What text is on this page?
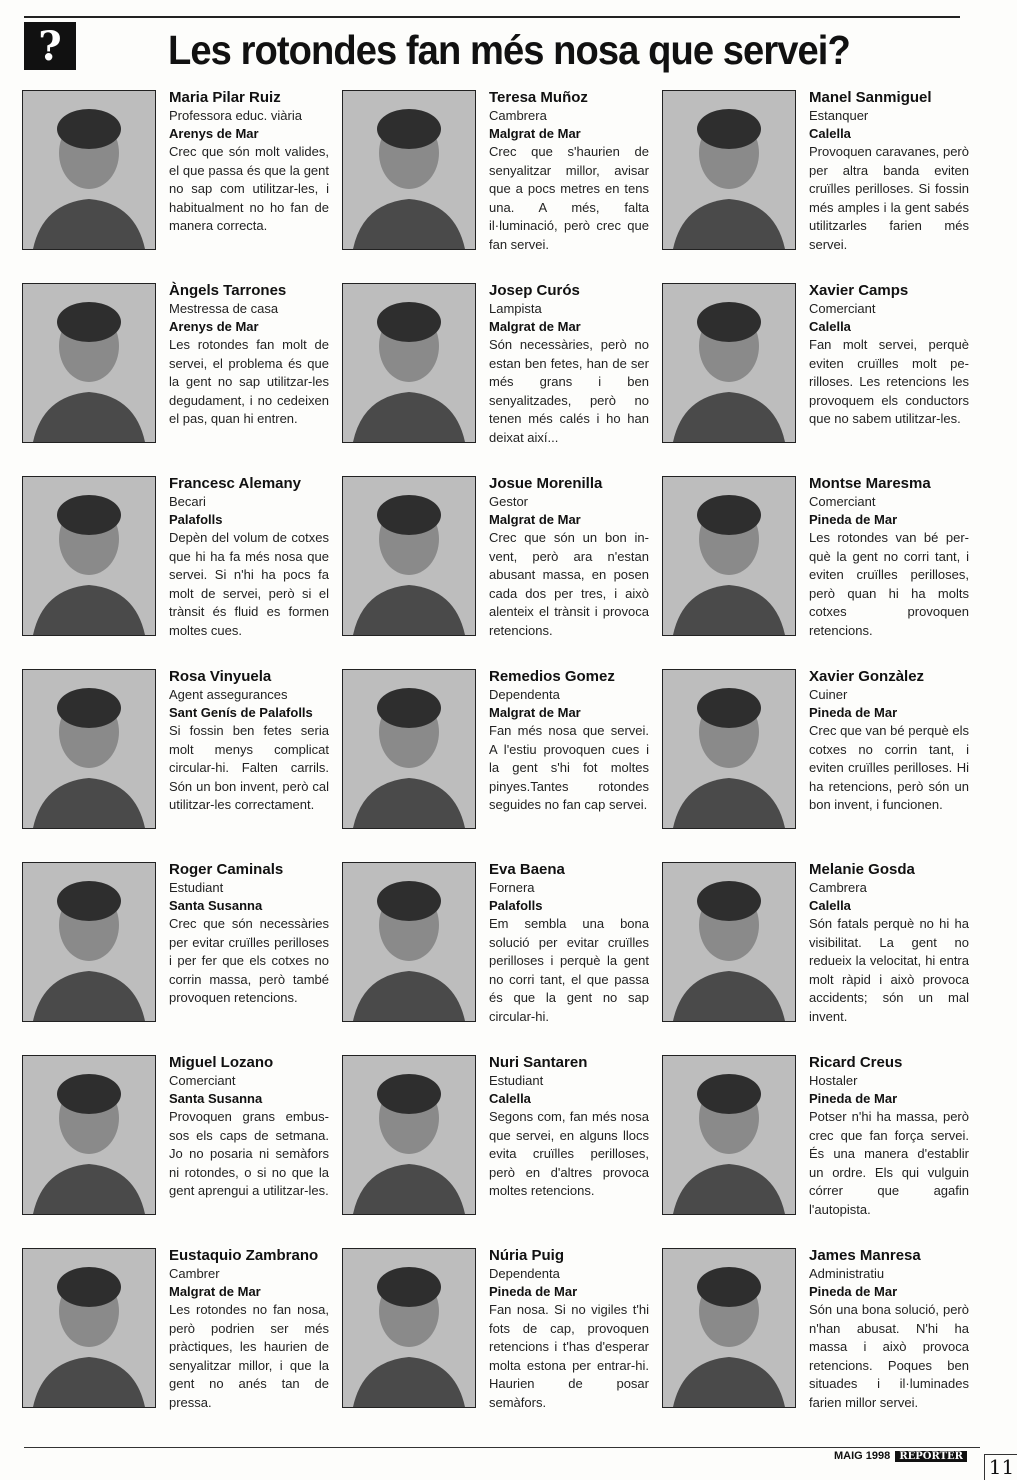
?	Les rotondes fan més nosa que servei?
Maria Pilar Ruiz
Professora educ. viària
Arenys de Mar
Crec que són molt valides, el que passa és que la gent no sap com utilitzar-les, i habitualment no ho fan de manera correcta.
Teresa Muñoz
Cambrera
Malgrat de Mar
Crec que s'haurien de senyalitzar millor, avisar que a pocs metres en tens una. A més, falta il·luminació, però crec que fan servei.
Manel Sanmiguel
Estanquer
Calella
Provoquen caravanes, però per altra banda eviten cruïlles perilloses. Si fossin més amples i la gent sabés utilitzarles farien més servei.
Àngels Tarrones
Mestressa de casa
Arenys de Mar
Les rotondes fan molt de servei, el problema és que la gent no sap utilitzar-les degudament, i no cedeixen el pas, quan hi entren.
Josep Curós
Lampista
Malgrat de Mar
Són necessàries, però no estan ben fetes, han de ser més grans i ben senyalitzades, però no tenen més calés i ho han deixat així...
Xavier Camps
Comerciant
Calella
Fan molt servei, perquè eviten cruïlles molt perilloses. Les retencions les provoquem els conductors que no sabem utilitzar-les.
Francesc Alemany
Becari
Palafolls
Depèn del volum de cotxes que hi ha fa més nosa que servei. Si n'hi ha pocs fa molt de servei, però si el trànsit és fluid es formen moltes cues.
Josue Morenilla
Gestor
Malgrat de Mar
Crec que són un bon invent, però ara n'estan abusant massa, en posen cada dos per tres, i això alenteix el trànsit i provoca retencions.
Montse Maresma
Comerciant
Pineda de Mar
Les rotondes van bé perquè la gent no corri tant, i eviten cruïlles perilloses, però quan hi ha molts cotxes provoquen retencions.
Rosa Vinyuela
Agent assegurances
Sant Genís de Palafolls
Si fossin ben fetes seria molt menys complicat circular-hi. Falten carrils. Són un bon invent, però cal utilitzar-les correctament.
Remedios Gomez
Dependenta
Malgrat de Mar
Fan més nosa que servei. A l'estiu provoquen cues i la gent s'hi fot moltes pinyes.Tantes rotondes seguides no fan cap servei.
Xavier Gonzàlez
Cuiner
Pineda de Mar
Crec que van bé perquè els cotxes no corrin tant, i eviten cruïlles perilloses. Hi ha retencions, però són un bon invent, i funcionen.
Roger Caminals
Estudiant
Santa Susanna
Crec que són necessàries per evitar cruïlles perilloses i per fer que els cotxes no corrin massa, però també provoquen retencions.
Eva Baena
Fornera
Palafolls
Em sembla una bona solució per evitar cruïlles perilloses i perquè la gent no corri tant, el que passa és que la gent no sap circular-hi.
Melanie Gosda
Cambrera
Calella
Són fatals perquè no hi ha visibilitat. La gent no redueix la velocitat, hi entra molt ràpid i això provoca accidents; són un mal invent.
Miguel Lozano
Comerciant
Santa Susanna
Provoquen grans embussos els caps de setmana. Jo no posaria ni semàfors ni rotondes, o si no que la gent aprengui a utilitzar-les.
Nuri Santaren
Estudiant
Calella
Segons com, fan més nosa que servei, en alguns llocs evita cruïlles perilloses, però en d'altres provoca moltes retencions.
Ricard Creus
Hostaler
Pineda de Mar
Potser n'hi ha massa, però crec que fan força servei. És una manera d'establir un ordre. Els qui vulguin córrer que agafin l'autopista.
Eustaquio Zambrano
Cambrer
Malgrat de Mar
Les rotondes no fan nosa, però podrien ser més pràctiques, les haurien de senyalitzar millor, i que la gent no anés tan de pressa.
Núria Puig
Dependenta
Pineda de Mar
Fan nosa. Si no vigiles t'hi fots de cap, provoquen retencions i t'has d'esperar molta estona per entrar-hi. Haurien de posar semàfors.
James Manresa
Administratiu
Pineda de Mar
Són una bona solució, però n'han abusat. N'hi ha massa i això provoca retencions. Poques ben situades i il·luminades farien millor servei.
MAIG 1998 REPORTER 11
